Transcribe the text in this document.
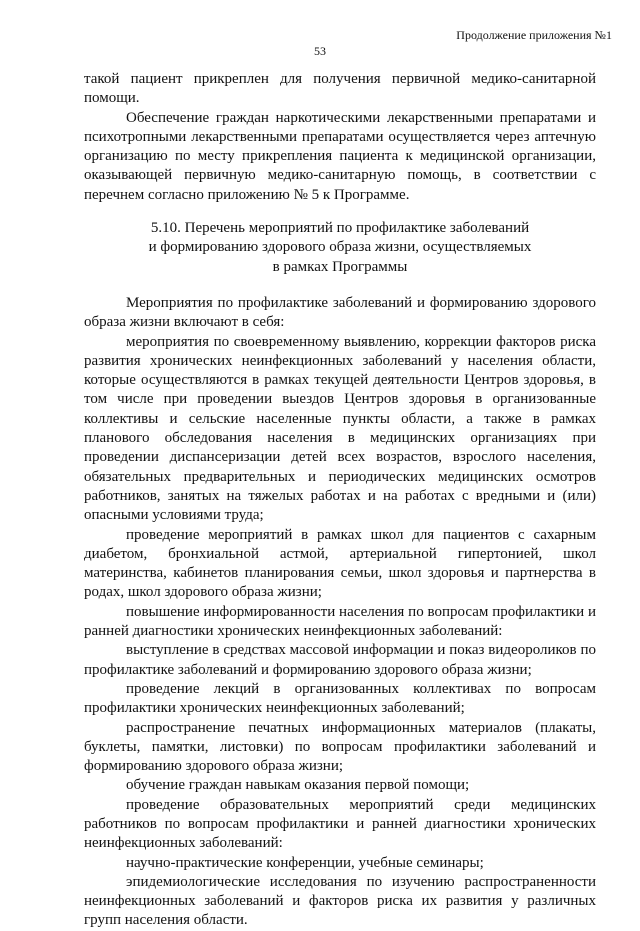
Продолжение приложения №1
53

такой пациент прикреплен для получения первичной медико-санитарной помощи.

Обеспечение граждан наркотическими лекарственными препаратами и психотропными лекарственными препаратами осуществляется через аптечную организацию по месту прикрепления пациента к медицинской организации, оказывающей первичную медико-санитарную помощь, в соответствии с перечнем согласно приложению № 5 к Программе.

5.10. Перечень мероприятий по профилактике заболеваний
и формированию здорового образа жизни, осуществляемых
в рамках Программы

Мероприятия по профилактике заболеваний и формированию здорового образа жизни включают в себя:

мероприятия по своевременному выявлению, коррекции факторов риска развития хронических неинфекционных заболеваний у населения области, которые осуществляются в рамках текущей деятельности Центров здоровья, в том числе при проведении выездов Центров здоровья в организованные коллективы и сельские населенные пункты области, а также в рамках планового обследования населения в медицинских организациях при проведении диспансеризации детей всех возрастов, взрослого населения, обязательных предварительных и периодических медицинских осмотров работников, занятых на тяжелых работах и на работах с вредными и (или) опасными условиями труда;

проведение мероприятий в рамках школ для пациентов с сахарным диабетом, бронхиальной астмой, артериальной гипертонией, школ материнства, кабинетов планирования семьи, школ здоровья и партнерства в родах, школ здорового образа жизни;

повышение информированности населения по вопросам профилактики и ранней диагностики хронических неинфекционных заболеваний:

выступление в средствах массовой информации и показ видеороликов по профилактике заболеваний и формированию здорового образа жизни;

проведение лекций в организованных коллективах по вопросам профилактики хронических неинфекционных заболеваний;

распространение печатных информационных материалов (плакаты, буклеты, памятки, листовки) по вопросам профилактики заболеваний и формированию здорового образа жизни;

обучение граждан навыкам оказания первой помощи;

проведение образовательных мероприятий среди медицинских работников по вопросам профилактики и ранней диагностики хронических неинфекционных заболеваний:

научно-практические конференции, учебные семинары;

эпидемиологические исследования по изучению распространенности неинфекционных заболеваний и факторов риска их развития у различных групп населения области.
